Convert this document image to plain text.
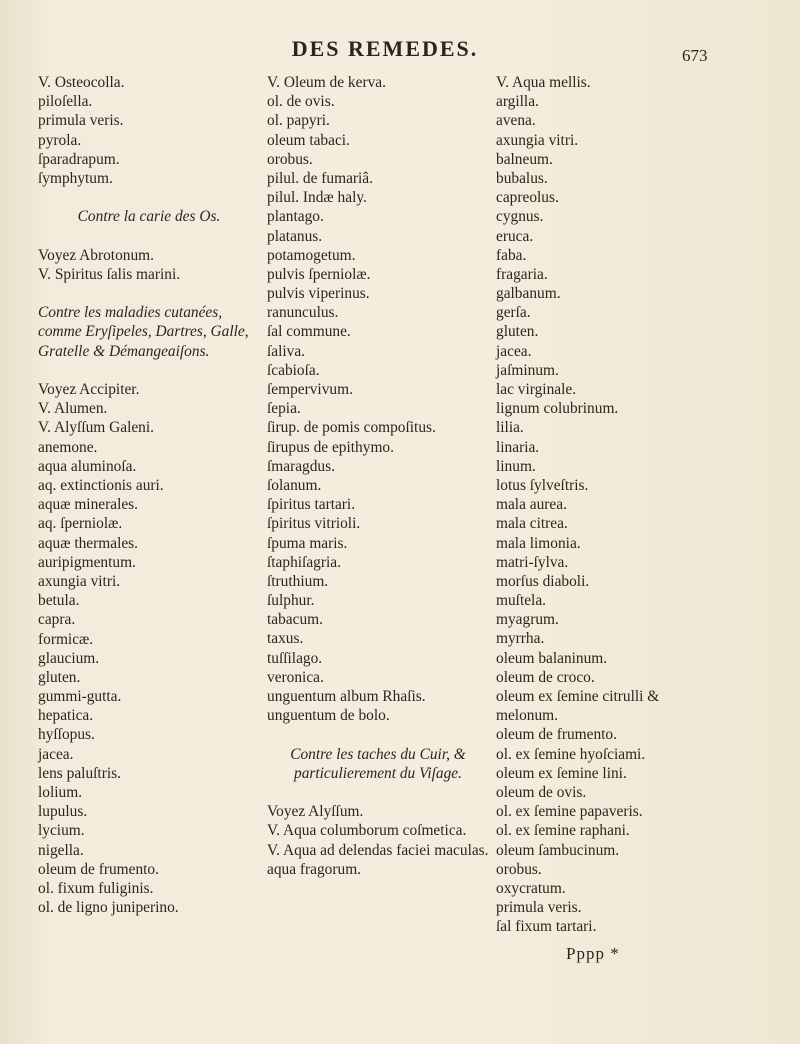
DES REMEDES.	673
V. Osteocolla.
piloſella.
primula veris.
pyrola.
ſparadrapum.
ſymphytum.
Contre la carie des Os.
Voyez Abrotonum.
V. Spiritus ſalis marini.
Contre les maladies cutanées, comme Eryſipeles, Dartres, Galle, Gratelle & Démangeaiſons.
Voyez Accipiter.
V. Alumen.
V. Alyſſum Galeni.
anemone.
aqua aluminoſa.
aq. extinctionis auri.
aquæ minerales.
aq. ſperniolæ.
aquæ thermales.
auripigmentum.
axungia vitri.
betula.
capra.
formicæ.
glaucium.
gluten.
gummi-gutta.
hepatica.
hyſſopus.
jacea.
lens paluſtris.
lolium.
lupulus.
lycium.
nigella.
oleum de frumento.
ol. fixum fuliginis.
ol. de ligno juniperino.
V. Oleum de kerva.
ol. de ovis.
ol. papyri.
oleum tabaci.
orobus.
pilul. de fumariâ.
pilul. Indæ haly.
plantago.
platanus.
potamogetum.
pulvis ſperniolæ.
pulvis viperinus.
ranunculus.
ſal commune.
ſaliva.
ſcabioſa.
ſempervivum.
ſepia.
ſirup. de pomis compoſitus.
ſirupus de epithymo.
ſmaragdus.
ſolanum.
ſpiritus tartari.
ſpiritus vitrioli.
ſpuma maris.
ſtaphiſagria.
ſtruthium.
ſulphur.
tabacum.
taxus.
tuſſilago.
veronica.
unguentum album Rhaſis.
unguentum de bolo.
Contre les taches du Cuir, & particulierement du Viſage.
Voyez Alyſſum.
V. Aqua columborum coſmetica.
V. Aqua ad delendas faciei maculas.
aqua fragorum.
V. Aqua mellis.
argilla.
avena.
axungia vitri.
balneum.
bubalus.
capreolus.
cygnus.
eruca.
faba.
fragaria.
galbanum.
gerſa.
gluten.
jacea.
jaſminum.
lac virginale.
lignum colubrinum.
lilia.
linaria.
linum.
lotus ſylveſtris.
mala aurea.
mala citrea.
mala limonia.
matri-ſylva.
morſus diaboli.
muſtela.
myagrum.
myrrha.
oleum balaninum.
oleum de croco.
oleum ex ſemine citrulli & melonum.
oleum de frumento.
ol. ex ſemine hyoſciami.
oleum ex ſemine lini.
oleum de ovis.
ol. ex ſemine papaveris.
ol. ex ſemine raphani.
oleum ſambucinum.
orobus.
oxycratum.
primula veris.
ſal fixum tartari.
Pppp *
